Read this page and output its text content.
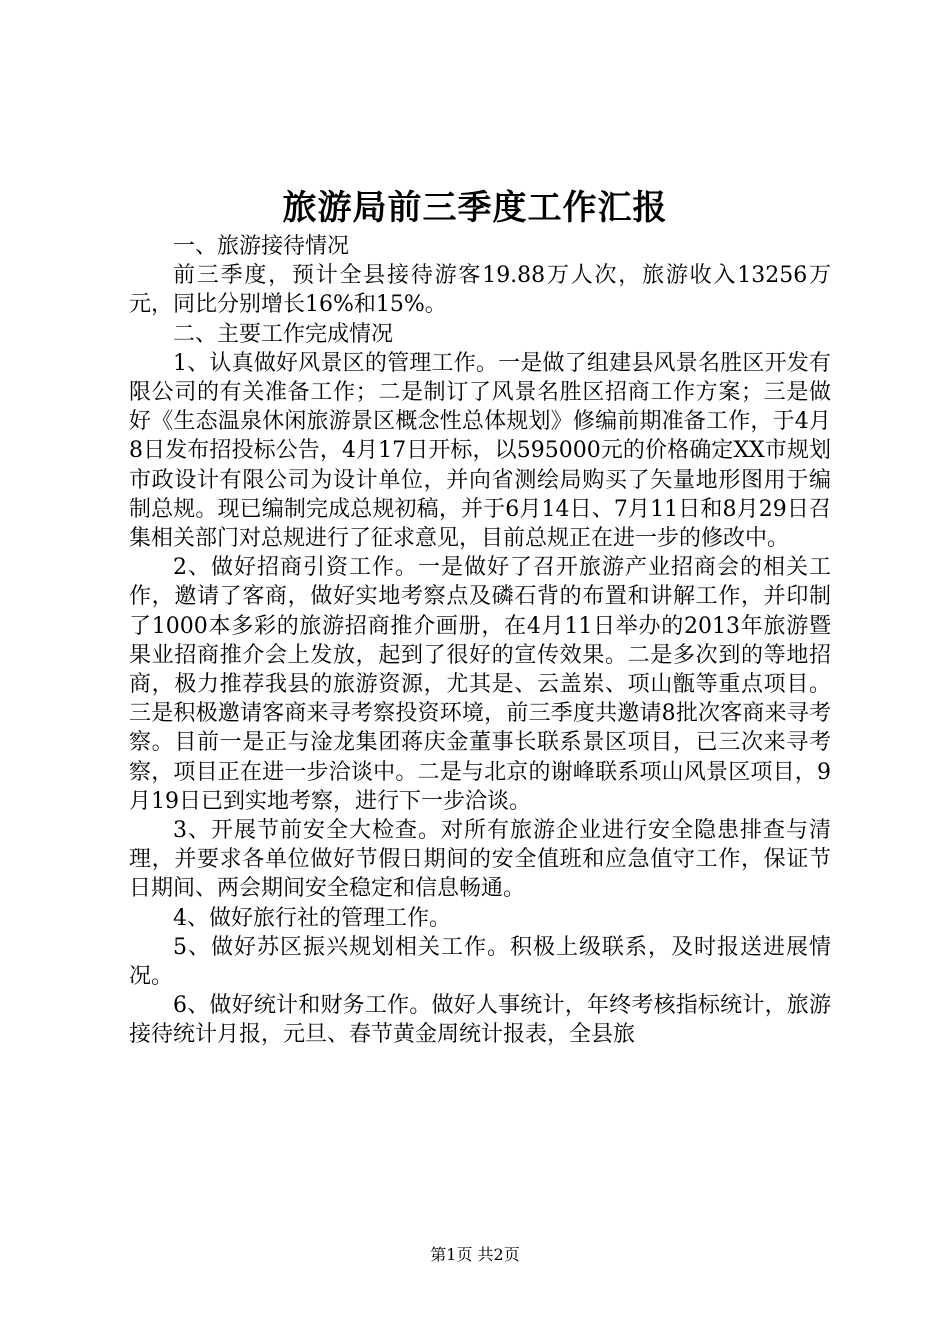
旅游局前三季度工作汇报

一、旅游接待情况

前三季度，预计全县接待游客19.88万人次，旅游收入13256万元，同比分别增长16%和15%。

二、主要工作完成情况

1、认真做好风景区的管理工作。一是做了组建县风景名胜区开发有限公司的有关准备工作；二是制订了风景名胜区招商工作方案；三是做好《生态温泉休闲旅游景区概念性总体规划》修编前期准备工作，于4月8日发布招投标公告，4月17日开标，以595000元的价格确定XX市规划市政设计有限公司为设计单位，并向省测绘局购买了矢量地形图用于编制总规。现已编制完成总规初稿，并于6月14日、7月11日和8月29日召集相关部门对总规进行了征求意见，目前总规正在进一步的修改中。

2、做好招商引资工作。一是做好了召开旅游产业招商会的相关工作，邀请了客商，做好实地考察点及磷石背的布置和讲解工作，并印制了1000本多彩的旅游招商推介画册，在4月11日举办的2013年旅游暨果业招商推介会上发放，起到了很好的宣传效果。二是多次到的等地招商，极力推荐我县的旅游资源，尤其是、云盖岽、项山甑等重点项目。三是积极邀请客商来寻考察投资环境，前三季度共邀请8批次客商来寻考察。目前一是正与淦龙集团蒋庆金董事长联系景区项目，已三次来寻考察，项目正在进一步洽谈中。二是与北京的谢峰联系项山风景区项目，9月19日已到实地考察，进行下一步洽谈。

3、开展节前安全大检查。对所有旅游企业进行安全隐患排查与清理，并要求各单位做好节假日期间的安全值班和应急值守工作，保证节日期间、两会期间安全稳定和信息畅通。

4、做好旅行社的管理工作。

5、做好苏区振兴规划相关工作。积极上级联系，及时报送进展情况。

6、做好统计和财务工作。做好人事统计，年终考核指标统计，旅游接待统计月报，元旦、春节黄金周统计报表，全县旅

第1页 共2页
